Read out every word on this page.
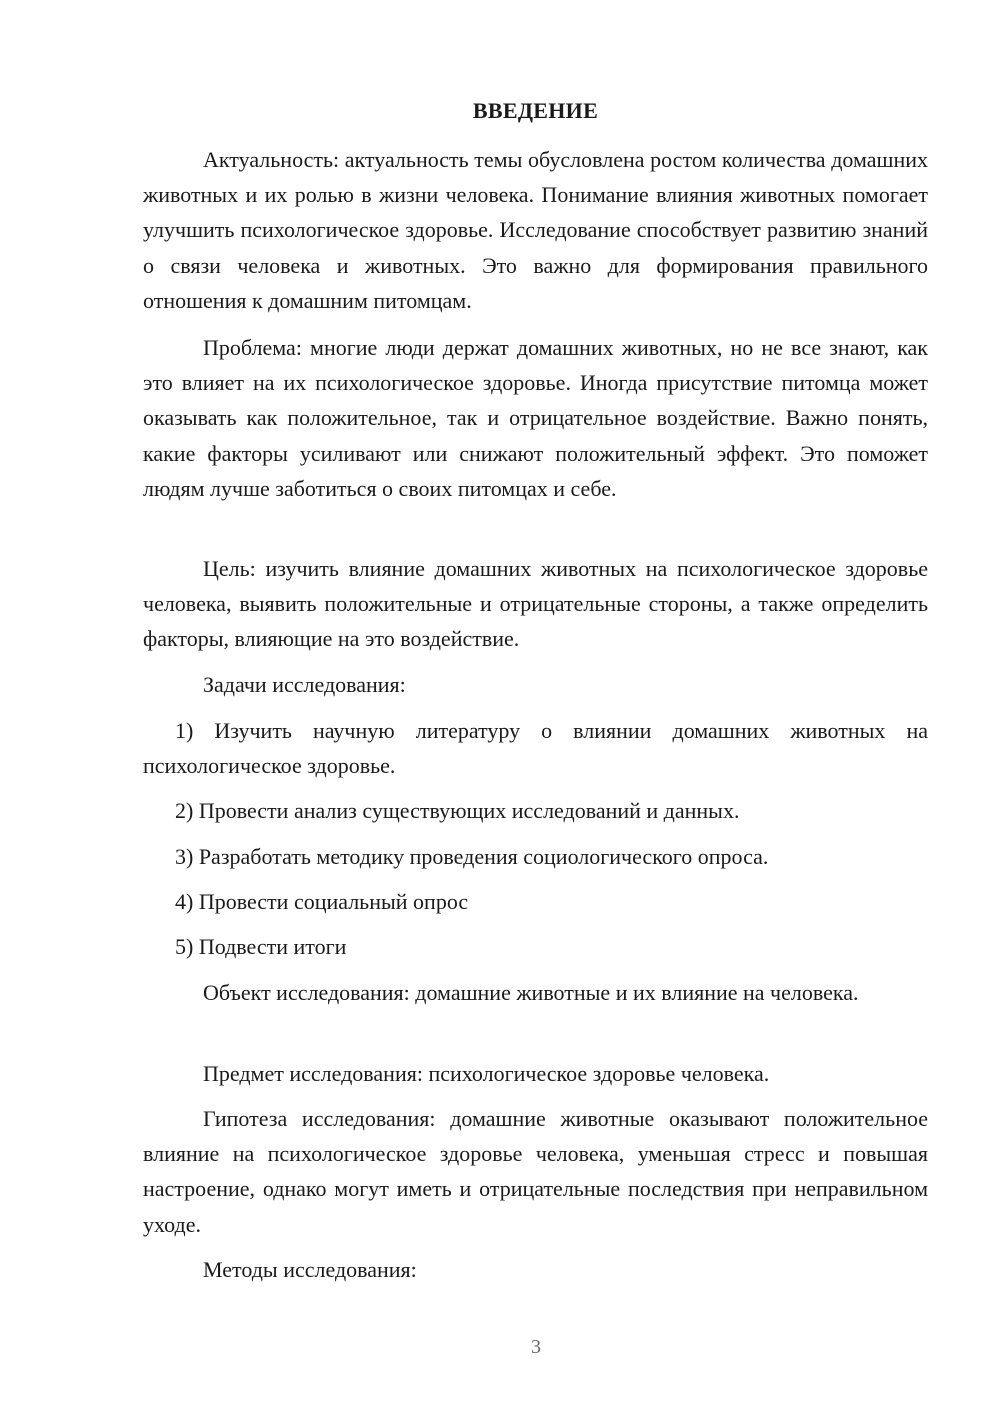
ВВЕДЕНИЕ

Актуальность: актуальность темы обусловлена ростом количества домашних животных и их ролью в жизни человека. Понимание влияния животных помогает улучшить психологическое здоровье. Исследование способствует развитию знаний о связи человека и животных. Это важно для формирования правильного отношения к домашним питомцам.

Проблема: многие люди держат домашних животных, но не все знают, как это влияет на их психологическое здоровье. Иногда присутствие питомца может оказывать как положительное, так и отрицательное воздействие. Важно понять, какие факторы усиливают или снижают положительный эффект. Это поможет людям лучше заботиться о своих питомцах и себе.

Цель: изучить влияние домашних животных на психологическое здоровье человека, выявить положительные и отрицательные стороны, а также определить факторы, влияющие на это воздействие.

Задачи исследования:

1) Изучить научную литературу о влиянии домашних животных на психологическое здоровье.

2) Провести анализ существующих исследований и данных.

3) Разработать методику проведения социологического опроса.

4) Провести социальный опрос

5) Подвести итоги

Объект исследования: домашние животные и их влияние на человека.

Предмет исследования: психологическое здоровье человека.

Гипотеза исследования: домашние животные оказывают положительное влияние на психологическое здоровье человека, уменьшая стресс и повышая настроение, однако могут иметь и отрицательные последствия при неправильном уходе.

Методы исследования:

3
